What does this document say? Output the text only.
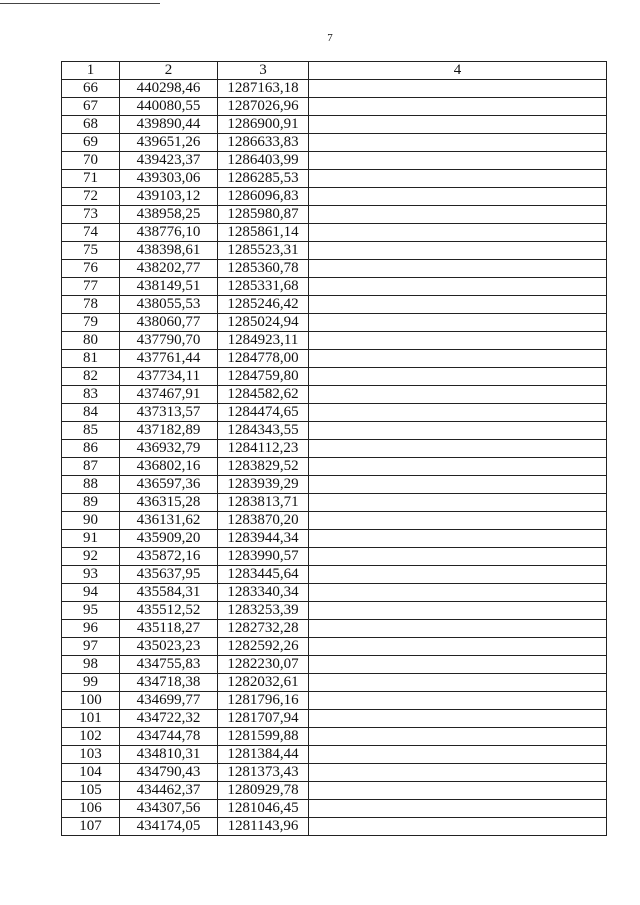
7
1	2	3	4
66	440298,46	1287163,18	
67	440080,55	1287026,96	
68	439890,44	1286900,91	
69	439651,26	1286633,83	
70	439423,37	1286403,99	
71	439303,06	1286285,53	
72	439103,12	1286096,83	
73	438958,25	1285980,87	
74	438776,10	1285861,14	
75	438398,61	1285523,31	
76	438202,77	1285360,78	
77	438149,51	1285331,68	
78	438055,53	1285246,42	
79	438060,77	1285024,94	
80	437790,70	1284923,11	
81	437761,44	1284778,00	
82	437734,11	1284759,80	
83	437467,91	1284582,62	
84	437313,57	1284474,65	
85	437182,89	1284343,55	
86	436932,79	1284112,23	
87	436802,16	1283829,52	
88	436597,36	1283939,29	
89	436315,28	1283813,71	
90	436131,62	1283870,20	
91	435909,20	1283944,34	
92	435872,16	1283990,57	
93	435637,95	1283445,64	
94	435584,31	1283340,34	
95	435512,52	1283253,39	
96	435118,27	1282732,28	
97	435023,23	1282592,26	
98	434755,83	1282230,07	
99	434718,38	1282032,61	
100	434699,77	1281796,16	
101	434722,32	1281707,94	
102	434744,78	1281599,88	
103	434810,31	1281384,44	
104	434790,43	1281373,43	
105	434462,37	1280929,78	
106	434307,56	1281046,45	
107	434174,05	1281143,96	
